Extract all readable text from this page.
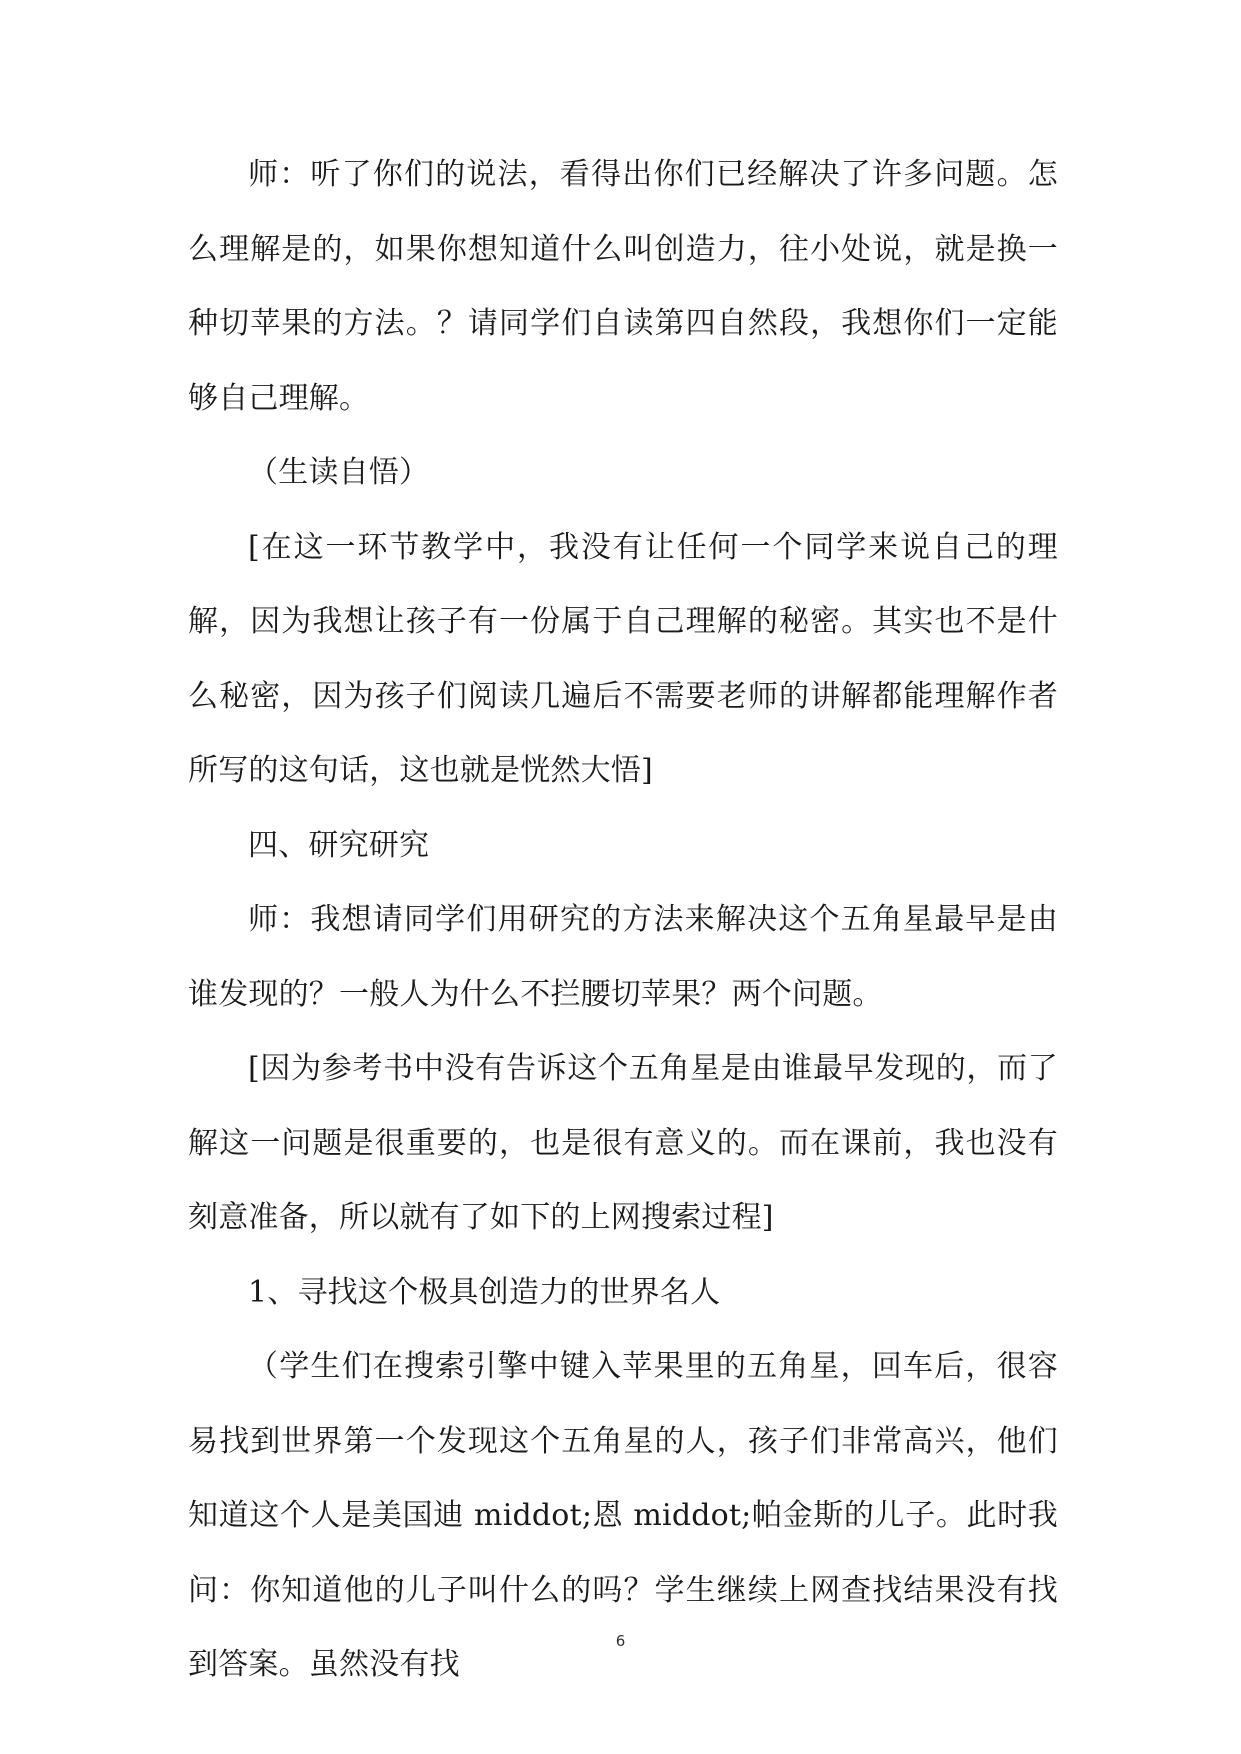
师：听了你们的说法，看得出你们已经解决了许多问题。怎么理解是的，如果你想知道什么叫创造力，往小处说，就是换一种切苹果的方法。？请同学们自读第四自然段，我想你们一定能够自己理解。

（生读自悟）

[在这一环节教学中，我没有让任何一个同学来说自己的理解，因为我想让孩子有一份属于自己理解的秘密。其实也不是什么秘密，因为孩子们阅读几遍后不需要老师的讲解都能理解作者所写的这句话，这也就是恍然大悟]

四、研究研究

师：我想请同学们用研究的方法来解决这个五角星最早是由谁发现的？一般人为什么不拦腰切苹果？两个问题。

[因为参考书中没有告诉这个五角星是由谁最早发现的，而了解这一问题是很重要的，也是很有意义的。而在课前，我也没有刻意准备，所以就有了如下的上网搜索过程]

1、寻找这个极具创造力的世界名人

（学生们在搜索引擎中键入苹果里的五角星，回车后，很容易找到世界第一个发现这个五角星的人，孩子们非常高兴，他们知道这个人是美国迪 middot;恩 middot;帕金斯的儿子。此时我问：你知道他的儿子叫什么的吗？学生继续上网查找结果没有找到答案。虽然没有找

6
